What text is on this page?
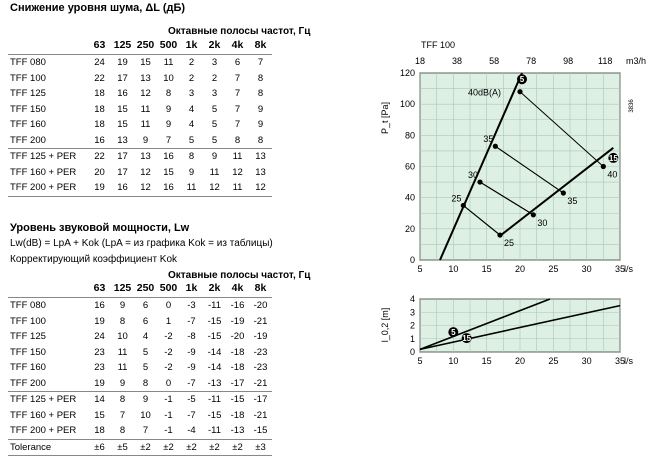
Снижение уровня шума, ΔL (дБ)
Октавные полосы частот, Гц
	63	125	250	500	1k	2k	4k	8k
TFF 080	24	19	15	11	2	3	6	7
TFF 100	22	17	13	10	2	2	7	8
TFF 125	18	16	12	8	3	3	7	8
TFF 150	18	15	11	9	4	5	7	9
TFF 160	18	15	11	9	4	5	7	9
TFF 200	16	13	9	7	5	5	8	8
TFF 125 + PER	22	17	13	16	8	9	11	13
TFF 160 + PER	20	17	12	15	9	11	12	13
TFF 200 + PER	19	16	12	16	11	12	11	12
Уровень звуковой мощности, Lw
Lw(dB) = LpA + Kok (LpA = из графика Kok = из таблицы)
Корректирующий коэффициент Kok
Октавные полосы частот, Гц
	63	125	250	500	1k	2k	4k	8k
TFF 080	16	9	6	0	-3	-11	-16	-20
TFF 100	19	8	6	1	-7	-15	-19	-21
TFF 125	24	10	4	-2	-8	-15	-20	-19
TFF 150	23	11	5	-2	-9	-14	-18	-23
TFF 160	23	11	5	-2	-9	-14	-18	-23
TFF 200	19	9	8	0	-7	-13	-17	-21
TFF 125 + PER	14	8	9	-1	-5	-11	-15	-17
TFF 160 + PER	15	7	10	-1	-7	-15	-18	-21
TFF 200 + PER	18	8	7	-1	-4	-11	-13	-15
Tolerance	±6	±5	±2	±2	±2	±2	±2	±3
5	10	15	20	25	30	35
0
20
40
60
80
100
120
l/s
TFF 100
18	38	58	78	98	118 m3/h
P_t [Pa]	3836
40dB(A)
35
30
25
40
35
30
25
5
15
5	10	15	20	25	30	35
0
1
2
3
4
l/s
l_0,2 [m]	5
15
